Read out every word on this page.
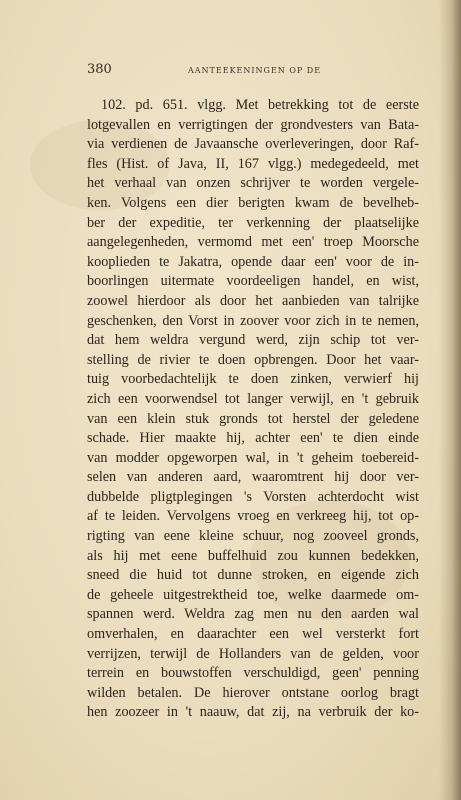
380	AANTEEKENINGEN OP DE
102. pd. 651. vlgg. Met betrekking tot de eerste
lotgevallen en verrigtingen der grondvesters van Bata-
via verdienen de Javaansche overleveringen, door Raf-
fles (Hist. of Java, II, 167 vlgg.) medegedeeld, met
het verhaal van onzen schrijver te worden vergele-
ken. Volgens een dier berigten kwam de bevelheb-
ber der expeditie, ter verkenning der plaatselijke
aangelegenheden, vermomd met een' troep Moorsche
kooplieden te Jakatra, opende daar een' voor de in-
boorlingen uitermate voordeeligen handel, en wist,
zoowel hierdoor als door het aanbieden van talrijke
geschenken, den Vorst in zoover voor zich in te nemen,
dat hem weldra vergund werd, zijn schip tot ver-
stelling de rivier te doen opbrengen. Door het vaar-
tuig voorbedachtelijk te doen zinken, verwierf hij
zich een voorwendsel tot langer verwijl, en 't gebruik
van een klein stuk gronds tot herstel der geledene
schade. Hier maakte hij, achter een' te dien einde
van modder opgeworpen wal, in 't geheim toebereid-
selen van anderen aard, waaromtrent hij door ver-
dubbelde pligtplegingen 's Vorsten achterdocht wist
af te leiden. Vervolgens vroeg en verkreeg hij, tot op-
rigting van eene kleine schuur, nog zooveel gronds,
als hij met eene buffelhuid zou kunnen bedekken,
sneed die huid tot dunne stroken, en eigende zich
de geheele uitgestrektheid toe, welke daarmede om-
spannen werd. Weldra zag men nu den aarden wal
omverhalen, en daarachter een wel versterkt fort
verrijzen, terwijl de Hollanders van de gelden, voor
terrein en bouwstoffen verschuldigd, geen' penning
wilden betalen. De hierover ontstane oorlog bragt
hen zoozeer in 't naauw, dat zij, na verbruik der ko-
